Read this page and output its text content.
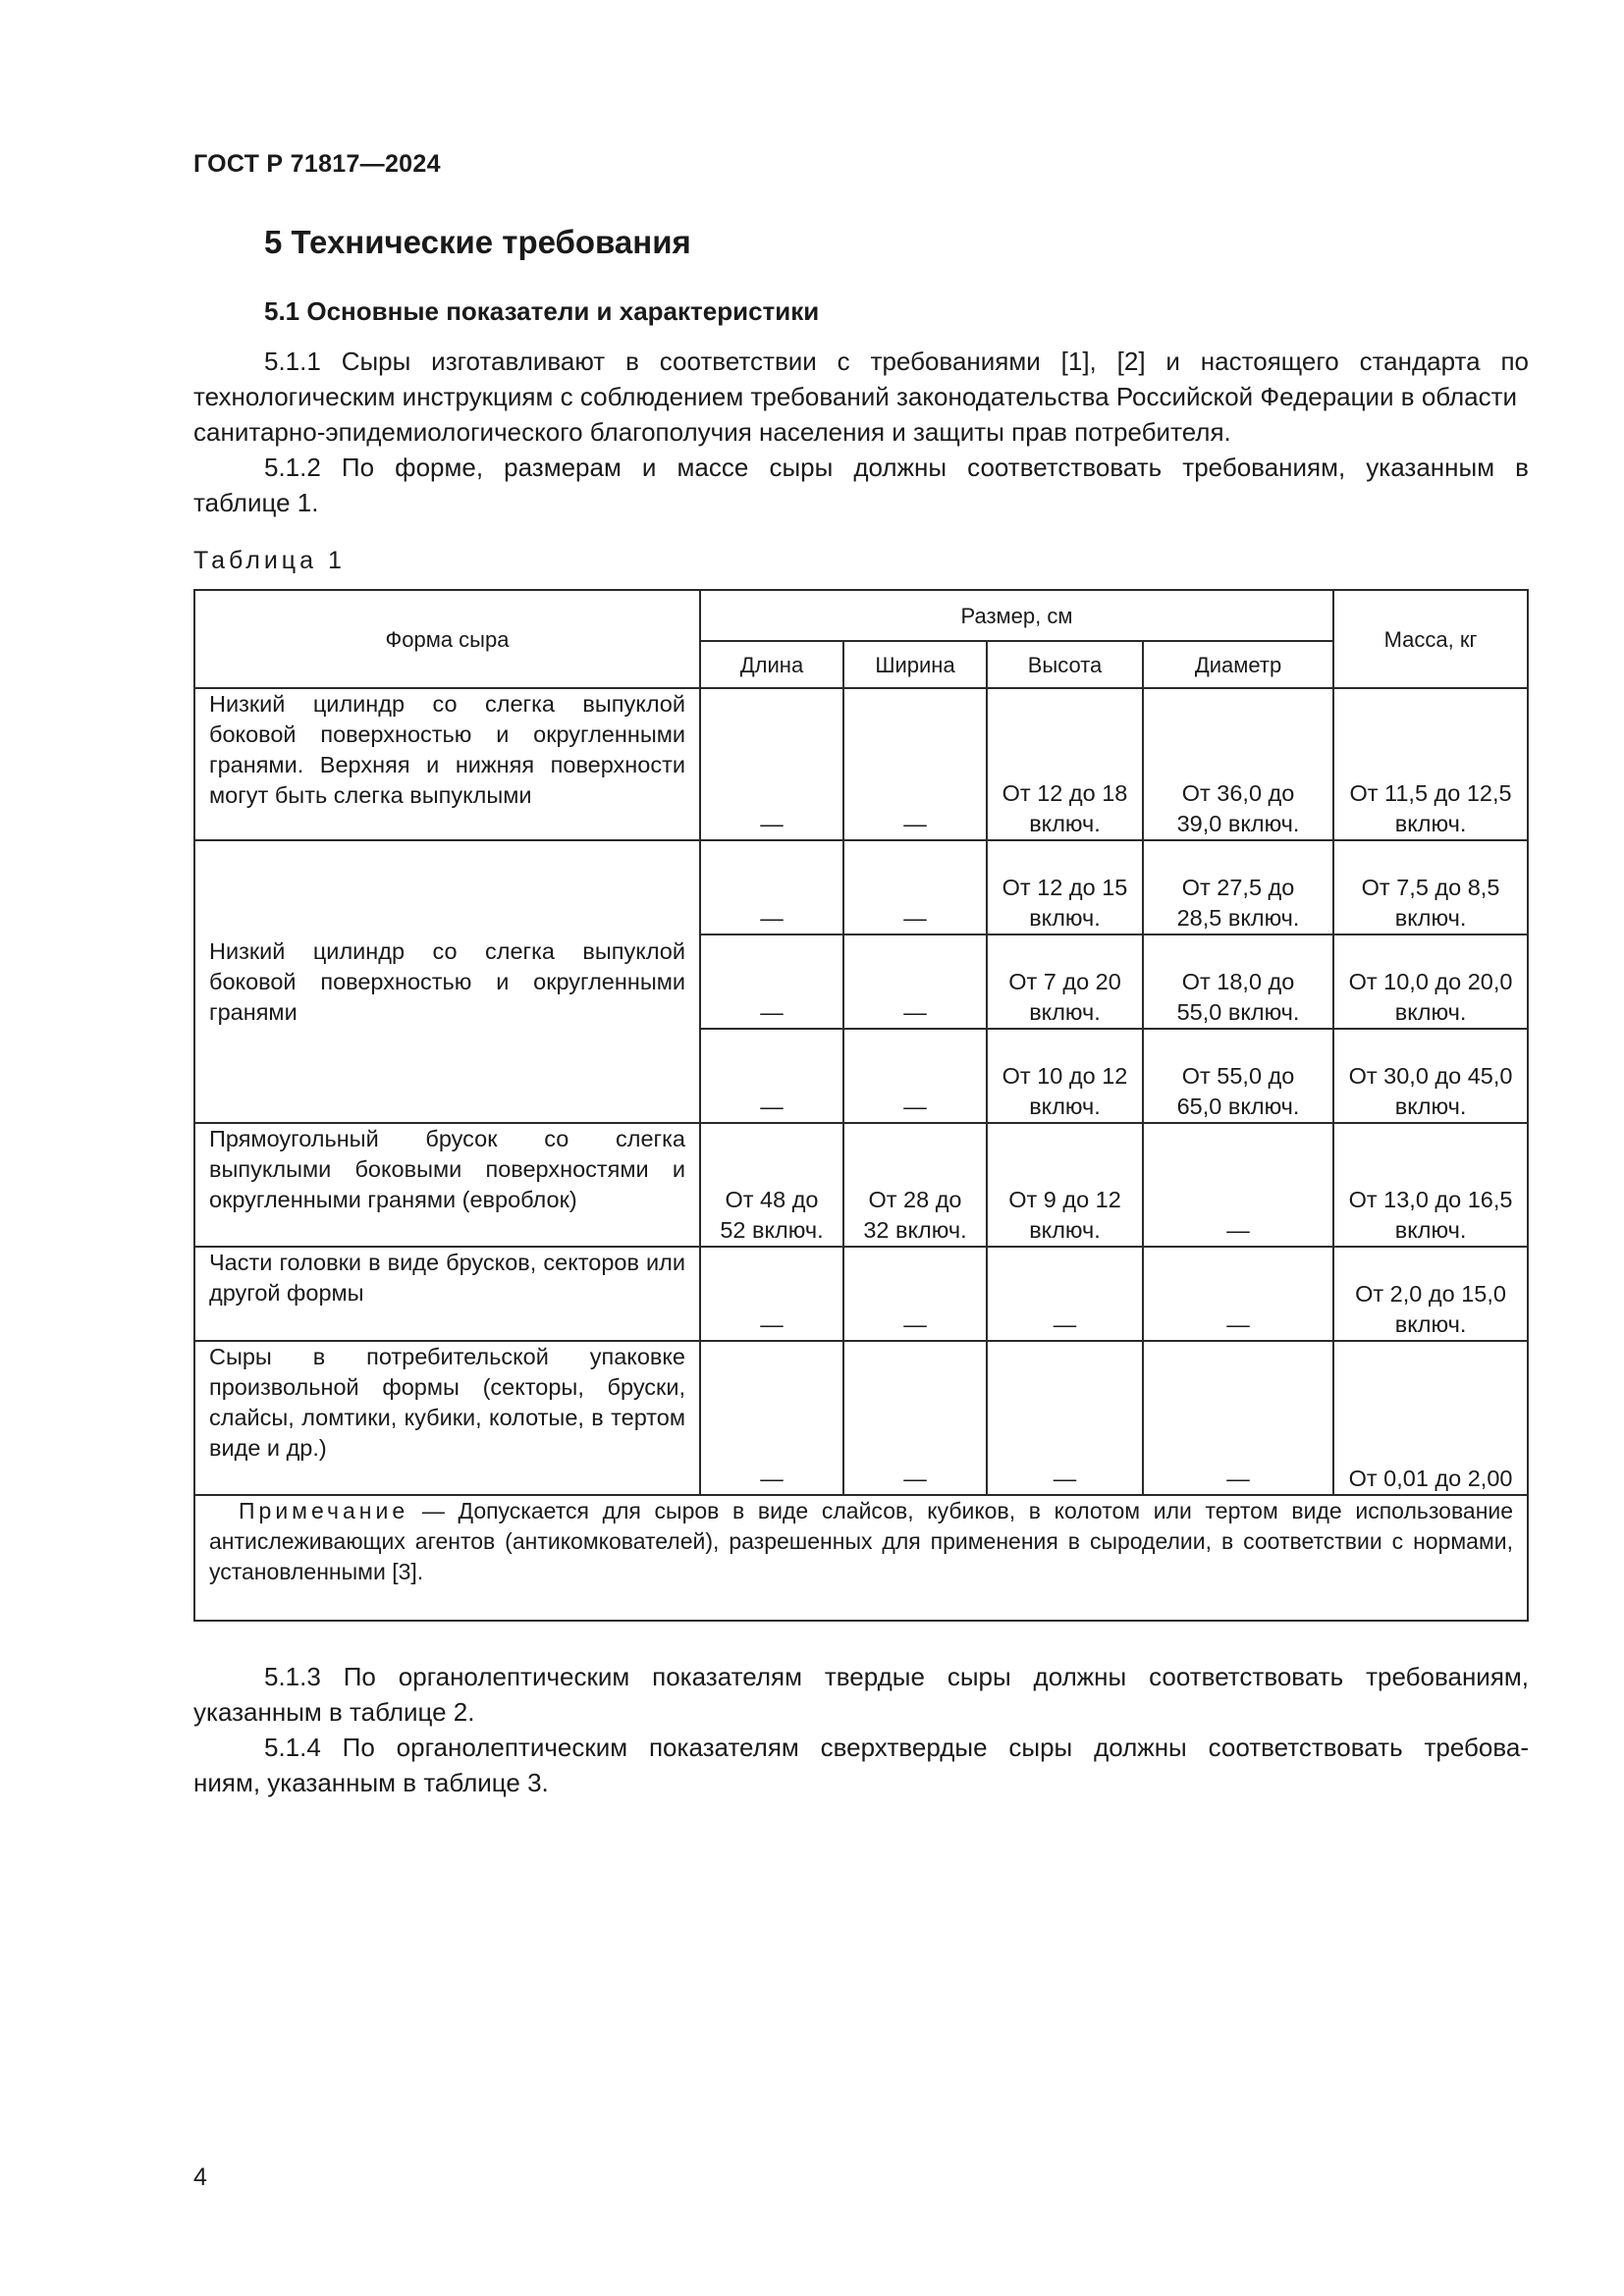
ГОСТ Р 71817—2024
5 Технические требования
5.1 Основные показатели и характеристики
5.1.1 Сыры изготавливают в соответствии с требованиями [1], [2] и настоящего стандарта по
технологическим инструкциям с соблюдением требований законодательства Российской Федерации в области санитарно-эпидемиологического благополучия населения и защиты прав потребителя.
5.1.2 По форме, размерам и массе сыры должны соответствовать требованиям, указанным в
таблице 1.
Таблица 1
Форма сыра	Размер, см				Масса, кг
	Длина	Ширина	Высота	Диаметр	
Низкий цилиндр со слегка выпуклой боковой поверхностью и округленными гранями. Верхняя и нижняя поверхности могут быть слегка выпуклыми	—	—	От 12 до 18 включ.	От 36,0 до 39,0 включ.	От 11,5 до 12,5 включ.
Низкий цилиндр со слегка выпуклой боковой поверхностью и округленными гранями	—	—	От 12 до 15 включ.	От 27,5 до 28,5 включ.	От 7,5 до 8,5 включ.
	—	—	От 7 до 20 включ.	От 18,0 до 55,0 включ.	От 10,0 до 20,0 включ.
	—	—	От 10 до 12 включ.	От 55,0 до 65,0 включ.	От 30,0 до 45,0 включ.
Прямоугольный брусок со слегка выпуклыми боковыми поверхностями и округленными гранями (евроблок)	От 48 до 52 включ.	От 28 до 32 включ.	От 9 до 12 включ.	—	От 13,0 до 16,5 включ.
Части головки в виде брусков, секторов или другой формы	—	—	—	—	От 2,0 до 15,0 включ.
Сыры в потребительской упаковке произвольной формы (секторы, бруски, слайсы, ломтики, кубики, колотые, в тертом виде и др.)	—	—	—	—	От 0,01 до 2,00
Примечание — Допускается для сыров в виде слайсов, кубиков, в колотом или тертом виде использование антислеживающих агентов (антикомкователей), разрешенных для применения в сыроделии, в соответствии с нормами, установленными [3].					
5.1.3 По органолептическим показателям твердые сыры должны соответствовать требованиям,
указанным в таблице 2.
5.1.4 По органолептическим показателям сверхтвердые сыры должны соответствовать требова-
ниям, указанным в таблице 3.
4
